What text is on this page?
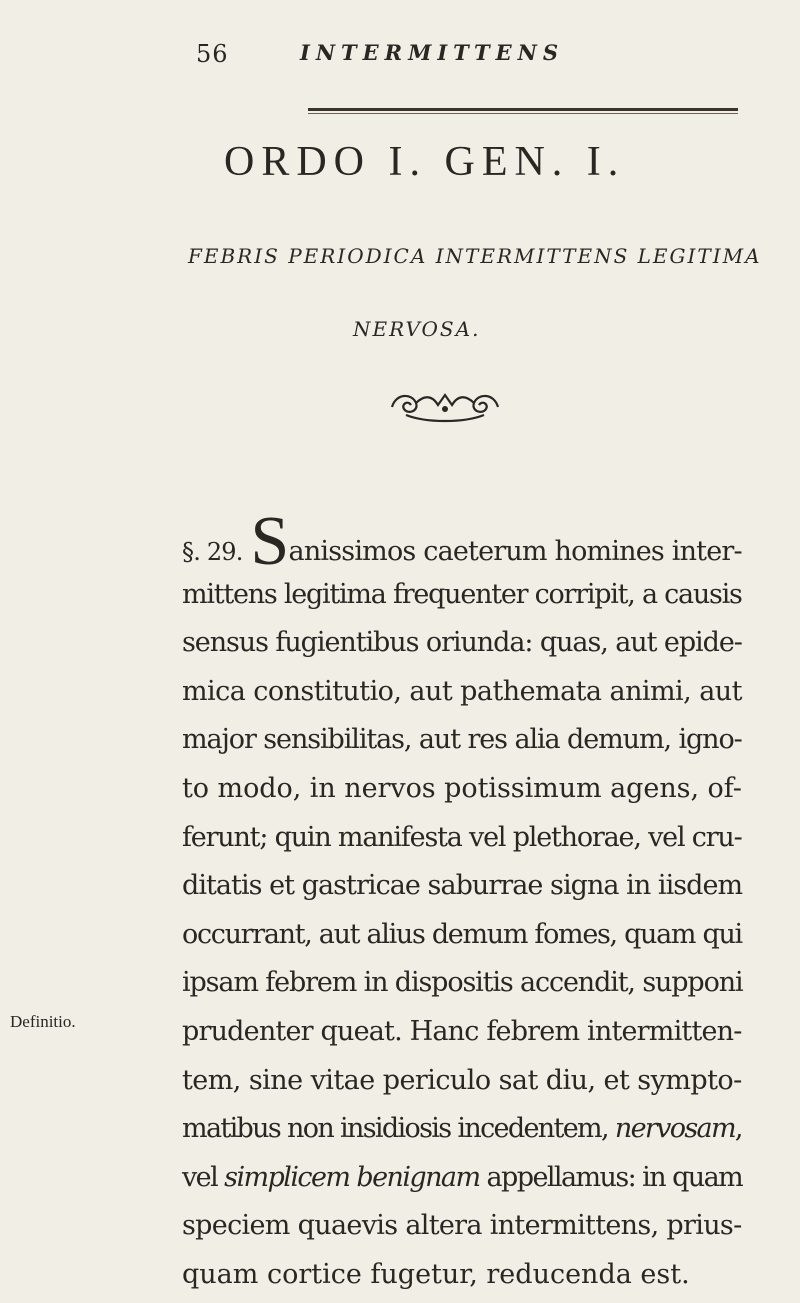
56	INTERMITTENS
ORDO I. GEN. I.
FEBRIS PERIODICA INTERMITTENS LEGITIMA
NERVOSA.
§. 29. Sanissimos caeterum homines inter-
mittens legitima frequenter corripit, a causis
sensus fugientibus oriunda: quas, aut epide-
mica constitutio, aut pathemata animi, aut
major sensibilitas, aut res alia demum, igno-
to modo, in nervos potissimum agens, of-
ferunt; quin manifesta vel plethorae, vel cru-
ditatis et gastricae saburrae signa in iisdem
occurrant, aut alius demum fomes, quam qui
ipsam febrem in dispositis accendit, supponi
prudenter queat. Hanc febrem intermitten-
tem, sine vitae periculo sat diu, et sympto-
matibus non insidiosis incedentem, nervosam,
vel simplicem benignam appellamus: in quam
speciem quaevis altera intermittens, prius-
quam cortice fugetur, reducenda est.
Definitio.
